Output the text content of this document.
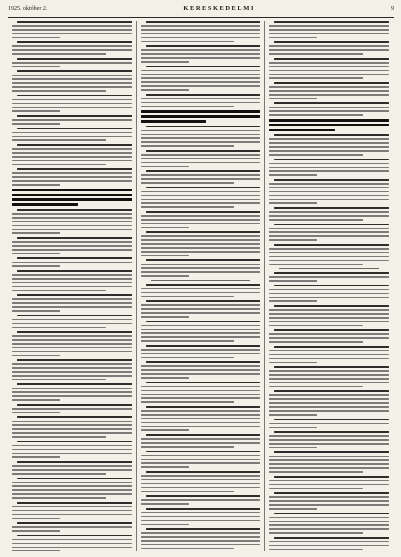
1925. október 2.	KERESKEDELMI	9
